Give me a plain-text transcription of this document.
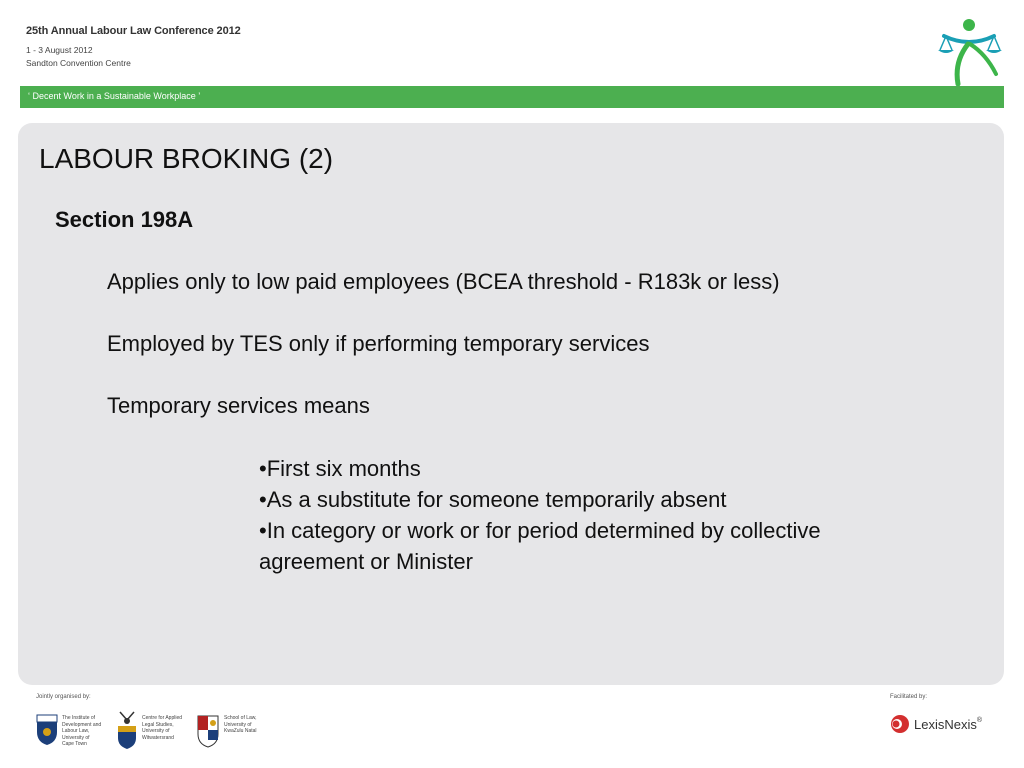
25th Annual Labour Law Conference 2012
1 - 3 August 2012
Sandton Convention Centre
‘ Decent Work in a Sustainable Workplace ’
LABOUR BROKING (2)
Section 198A
Applies only to low paid employees (BCEA threshold - R183k or less)
Employed by TES only if performing temporary services
Temporary services means
•First six months
•As a substitute for someone temporarily absent
•In category or work or for period determined by collective
agreement or Minister
Jointly organised by:	Facilitated by:
The Institute of
Development and
Labour Law,
University of
Cape Town
Centre for Applied
Legal Studies,
University of
Witwatersrand
School of Law,
University of
KwaZulu Natal	LexisNexis®
